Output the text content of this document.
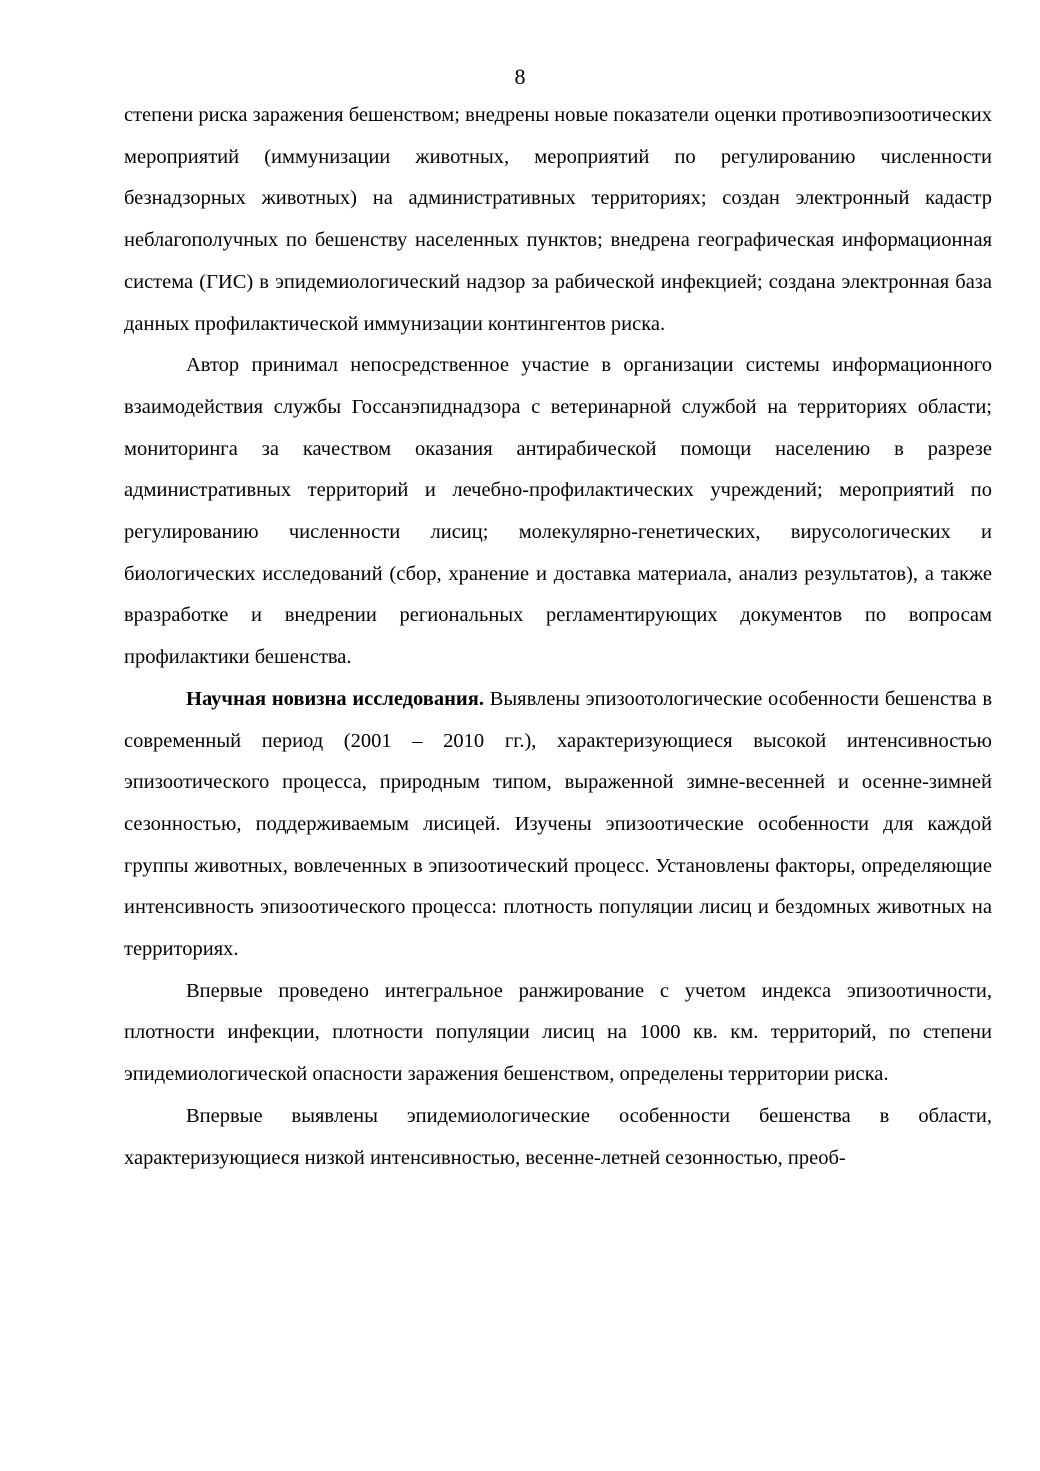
8

степени риска заражения бешенством; внедрены новые показатели оценки противоэпизоотических мероприятий (иммунизации животных, мероприятий по регулированию численности безнадзорных животных) на административных территориях; создан электронный кадастр неблагополучных по бешенству населенных пунктов; внедрена географическая информационная система (ГИС) в эпидемиологический надзор за рабической инфекцией; создана электронная база данных профилактической иммунизации контингентов риска.

Автор принимал непосредственное участие в организации системы информационного взаимодействия службы Госсанэпиднадзора с ветеринарной службой на территориях области; мониторинга за качеством оказания антирабической помощи населению в разрезе административных территорий и лечебно-профилактических учреждений; мероприятий по регулированию численности лисиц; молекулярно-генетических, вирусологических и биологических исследований (сбор, хранение и доставка материала, анализ результатов), а также вразработке и внедрении региональных регламентирующих документов по вопросам профилактики бешенства.

Научная новизна исследования. Выявлены эпизоотологические особенности бешенства в современный период (2001 – 2010 гг.), характеризующиеся высокой интенсивностью эпизоотического процесса, природным типом, выраженной зимне-весенней и осенне-зимней сезонностью, поддерживаемым лисицей. Изучены эпизоотические особенности для каждой группы животных, вовлеченных в эпизоотический процесс. Установлены факторы, определяющие интенсивность эпизоотического процесса: плотность популяции лисиц и бездомных животных на территориях.

Впервые проведено интегральное ранжирование с учетом индекса эпизоотичности, плотности инфекции, плотности популяции лисиц на 1000 кв. км. территорий, по степени эпидемиологической опасности заражения бешенством, определены территории риска.

Впервые выявлены эпидемиологические особенности бешенства в области, характеризующиеся низкой интенсивностью, весенне-летней сезонностью, преоб-
